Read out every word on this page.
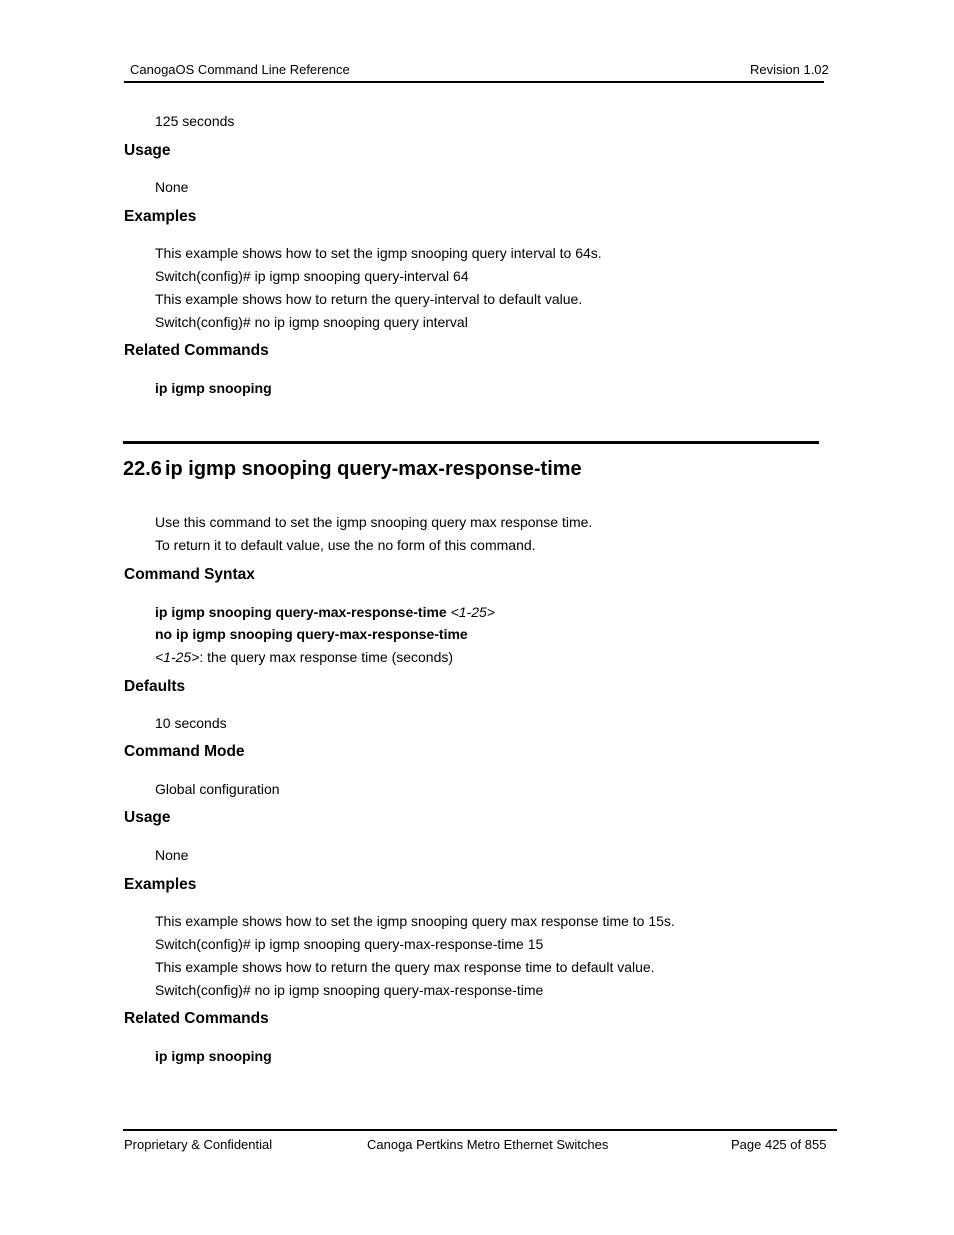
CanogaOS Command Line Reference	Revision 1.02
125 seconds
Usage
None
Examples
This example shows how to set the igmp snooping query interval to 64s.
Switch(config)# ip igmp snooping query-interval 64
This example shows how to return the query-interval to default value.
Switch(config)# no ip igmp snooping query interval
Related Commands
ip igmp snooping
22.6 ip igmp snooping query-max-response-time
Use this command to set the igmp snooping query max response time.
To return it to default value, use the no form of this command.
Command Syntax
ip igmp snooping query-max-response-time <1-25>
no ip igmp snooping query-max-response-time
<1-25>: the query max response time (seconds)
Defaults
10 seconds
Command Mode
Global configuration
Usage
None
Examples
This example shows how to set the igmp snooping query max response time to 15s.
Switch(config)# ip igmp snooping query-max-response-time 15
This example shows how to return the query max response time to default value.
Switch(config)# no ip igmp snooping query-max-response-time
Related Commands
ip igmp snooping
Proprietary & Confidential	Canoga Pertkins Metro Ethernet Switches	Page 425 of 855
